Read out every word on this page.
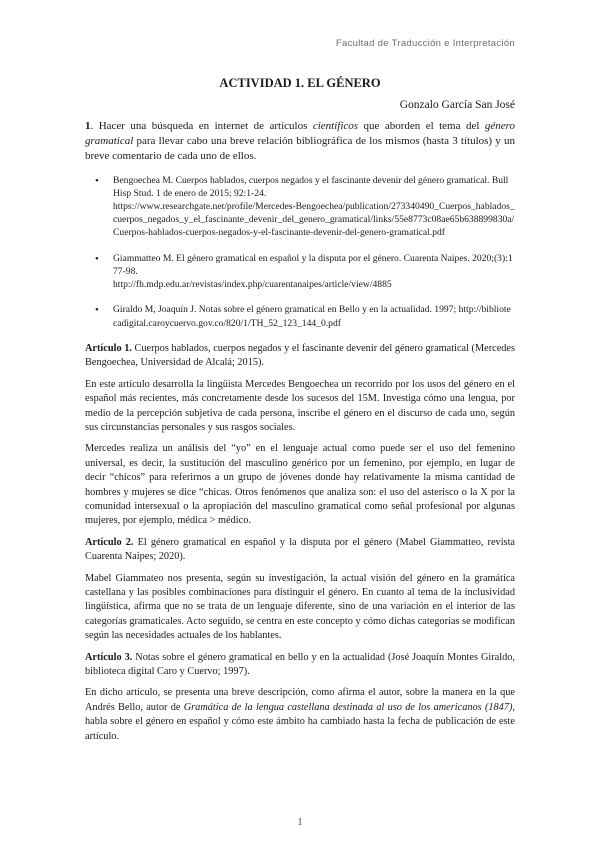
Facultad de Traducción e Interpretación
ACTIVIDAD 1. EL GÉNERO
Gonzalo García San José

1. Hacer una búsqueda en internet de artículos científicos que aborden el tema del género gramatical para llevar cabo una breve relación bibliográfica de los mismos (hasta 3 títulos) y un breve comentario de cada uno de ellos.

• Bengoechea M. Cuerpos hablados, cuerpos negados y el fascinante devenir del género gramatical. Bull Hisp Stud. 1 de enero de 2015; 92:1-24.
https://www.researchgate.net/profile/Mercedes-Bengoechea/publication/273340490_Cuerpos_hablados_cuerpos_negados_y_el_fascinante_devenir_del_genero_gramatical/links/55e8773c08ae65b638899830a/Cuerpos-hablados-cuerpos-negados-y-el-fascinante-devenir-del-genero-gramatical.pdf
• Giammatteo M. El género gramatical en español y la disputa por el género. Cuarenta Naipes. 2020;(3):177-98.
http://fh.mdp.edu.ar/revistas/index.php/cuarentanaipes/article/view/4885
• Giraldo M, Joaquín J. Notas sobre el género gramatical en Bello y en la actualidad. 1997; http://bibliotecadigital.caroycuervo.gov.co/820/1/TH_52_123_144_0.pdf

Artículo 1. Cuerpos hablados, cuerpos negados y el fascinante devenir del género gramatical (Mercedes Bengoechea, Universidad de Alcalá; 2015).

En este artículo desarrolla la lingüista Mercedes Bengoechea un recorrido por los usos del género en el español más recientes, más concretamente desde los sucesos del 15M. Investiga cómo una lengua, por medio de la percepción subjetiva de cada persona, inscribe el género en el discurso de cada uno, según sus circunstancias personales y sus rasgos sociales.

Mercedes realiza un análisis del “yo” en el lenguaje actual como puede ser el uso del femenino universal, es decir, la sustitución del masculino genérico por un femenino, por ejemplo, en lugar de decir “chicos” para referirnos a un grupo de jóvenes donde hay relativamente la misma cantidad de hombres y mujeres se dice “chicas. Otros fenómenos que analiza son: el uso del asterisco o la X por la comunidad intersexual o la apropiación del masculino gramatical como señal profesional por algunas mujeres, por ejemplo, médica > médico.

Artículo 2. El género gramatical en español y la disputa por el género (Mabel Giammatteo, revista Cuarenta Naipes; 2020).

Mabel Giammateo nos presenta, según su investigación, la actual visión del género en la gramática castellana y las posibles combinaciones para distinguir el género. En cuanto al tema de la inclusividad lingüística, afirma que no se trata de un lenguaje diferente, sino de una variación en el interior de las categorías gramaticales. Acto seguido, se centra en este concepto y cómo dichas categorías se modifican según las necesidades actuales de los hablantes.

Artículo 3. Notas sobre el género gramatical en bello y en la actualidad (José Joaquín Montes Giraldo, biblioteca digital Caro y Cuervo; 1997).

En dicho artículo, se presenta una breve descripción, como afirma el autor, sobre la manera en la que Andrés Bello, autor de Gramática de la lengua castellana destinada al uso de los americanos (1847), habla sobre el género en español y cómo este ámbito ha cambiado hasta la fecha de publicación de este artículo.

1
